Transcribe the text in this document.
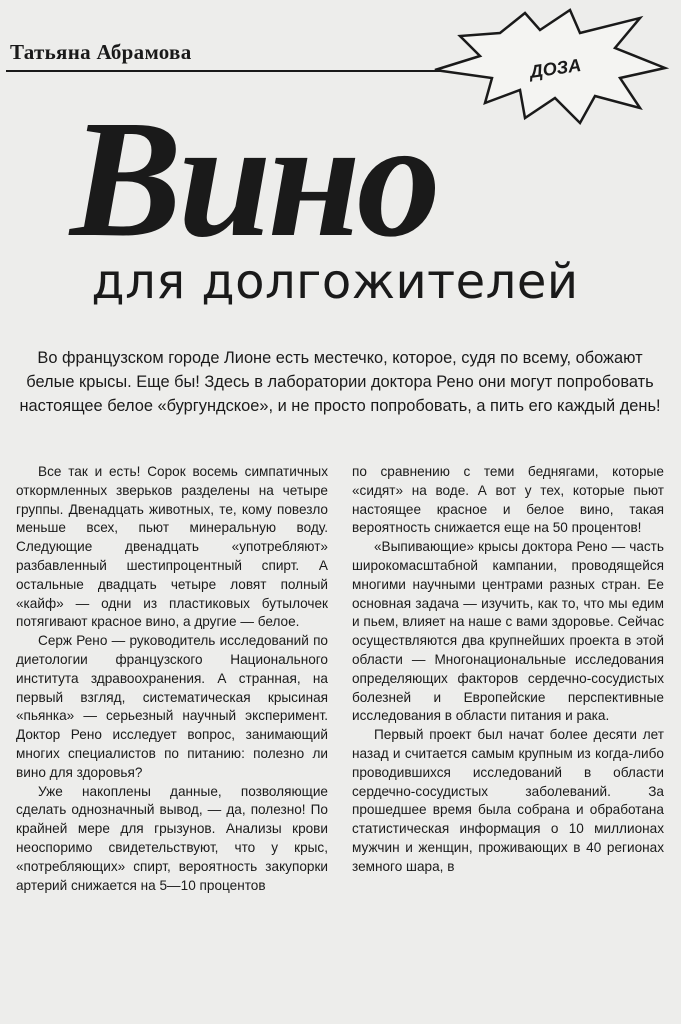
Татьяна Абрамова
ДОЗА
Вино
для долгожителей

Во французском городе Лионе есть местечко, которое, судя по всему, обожают белые крысы. Еще бы! Здесь в лаборатории доктора Рено они могут попробовать настоящее белое «бургундское», и не просто попробовать, а пить его каждый день!

Все так и есть! Сорок восемь симпатичных откормленных зверьков разделены на четыре группы. Двенадцать животных, те, кому повезло меньше всех, пьют минеральную воду. Следующие двенадцать «употребляют» разбавленный шестипроцентный спирт. А остальные двадцать четыре ловят полный «кайф» — одни из пластиковых бутылочек потягивают красное вино, а другие — белое.

Серж Рено — руководитель исследований по диетологии французского Национального института здравоохранения. А странная, на первый взгляд, систематическая крысиная «пьянка» — серьезный научный эксперимент. Доктор Рено исследует вопрос, занимающий многих специалистов по питанию: полезно ли вино для здоровья?

Уже накоплены данные, позволяющие сделать однозначный вывод, — да, полезно! По крайней мере для грызунов. Анализы крови неоспоримо свидетельствуют, что у крыс, «потребляющих» спирт, вероятность закупорки артерий снижается на 5—10 процентов

по сравнению с теми беднягами, которые «сидят» на воде. А вот у тех, которые пьют настоящее красное и белое вино, такая вероятность снижается еще на 50 процентов!

«Выпивающие» крысы доктора Рено — часть широкомасштабной кампании, проводящейся многими научными центрами разных стран. Ее основная задача — изучить, как то, что мы едим и пьем, влияет на наше с вами здоровье. Сейчас осуществляются два крупнейших проекта в этой области — Многонациональные исследования определяющих факторов сердечно-сосудистых болезней и Европейские перспективные исследования в области питания и рака.

Первый проект был начат более десяти лет назад и считается самым крупным из когда-либо проводившихся исследований в области сердечно-сосудистых заболеваний. За прошедшее время была собрана и обработана статистическая информация о 10 миллионах мужчин и женщин, проживающих в 40 регионах земного шара, в
